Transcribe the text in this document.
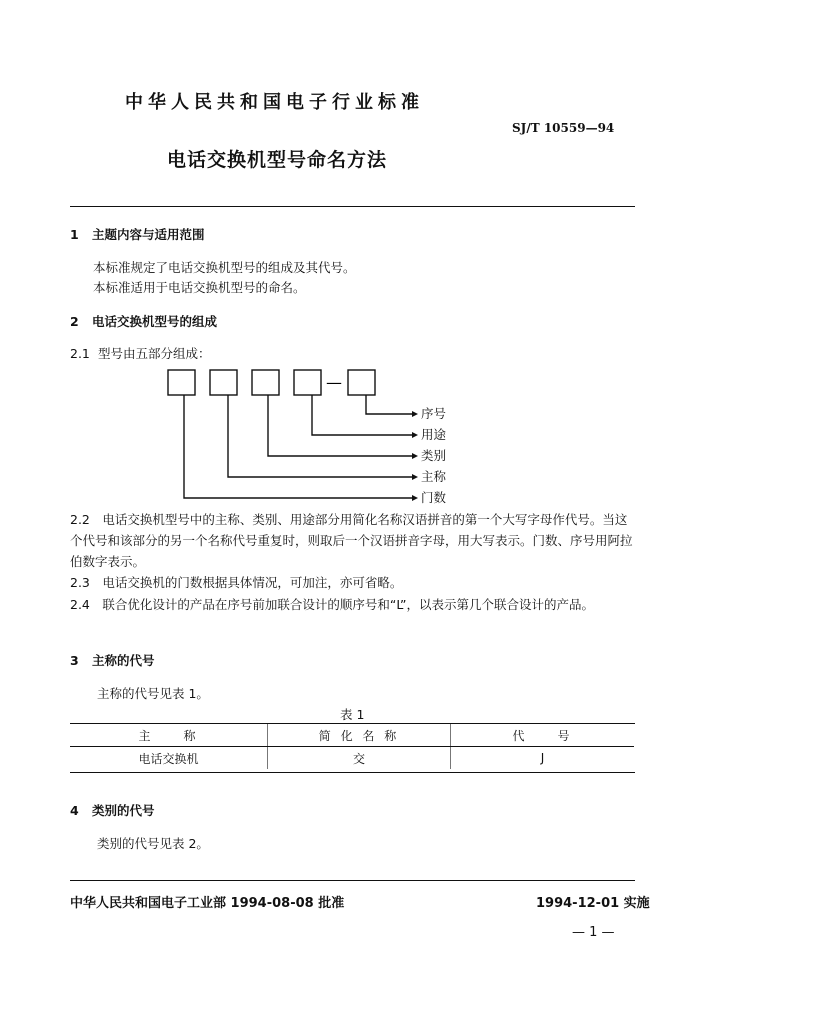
中华人民共和国电子行业标准
SJ/T 10559—94
电话交换机型号命名方法
1 主题内容与适用范围
本标准规定了电话交换机型号的组成及其代号。
本标准适用于电话交换机型号的命名。
2 电话交换机型号的组成
2.1 型号由五部分组成：
—
序号
用途
类别
主称
门数
2.2　电话交换机型号中的主称、类别、用途部分用简化名称汉语拼音的第一个大写字母作代号。当这个代号和该部分的另一个名称代号重复时，则取后一个汉语拼音字母，用大写表示。门数、序号用阿拉伯数字表示。
2.3　电话交换机的门数根据具体情况，可加注，亦可省略。
2.4　联合优化设计的产品在序号前加联合设计的顺序号和“L”，以表示第几个联合设计的产品。
3 主称的代号
主称的代号见表 1。
表 1
主　　称	简 化 名 称	代　　号
电话交换机	交	J
4 类别的代号
类别的代号见表 2。
中华人民共和国电子工业部 1994-08-08 批准	1994-12-01 实施
— 1 —
